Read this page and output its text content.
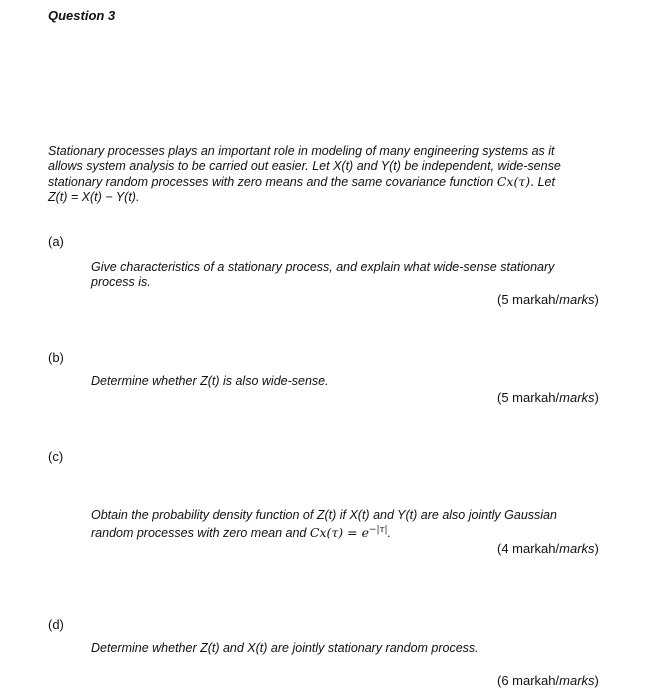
Question 3
Stationary processes plays an important role in modeling of many engineering systems as it
allows system analysis to be carried out easier. Let X(t) and Y(t) be independent, wide-sense
stationary random processes with zero means and the same covariance function Cx(τ). Let
Z(t) = X(t) − Y(t).
(a)
Give characteristics of a stationary process, and explain what wide-sense stationary
process is.
(5 markah/marks)
(b)
Determine whether Z(t) is also wide-sense.
(5 markah/marks)
(c)
Obtain the probability density function of Z(t) if X(t) and Y(t) are also jointly Gaussian
random processes with zero mean and $Cx(\tau) = e^{-|\tau|}$.
(4 markah/marks)
(d)
Determine whether Z(t) and X(t) are jointly stationary random process.
(6 markah/marks)
